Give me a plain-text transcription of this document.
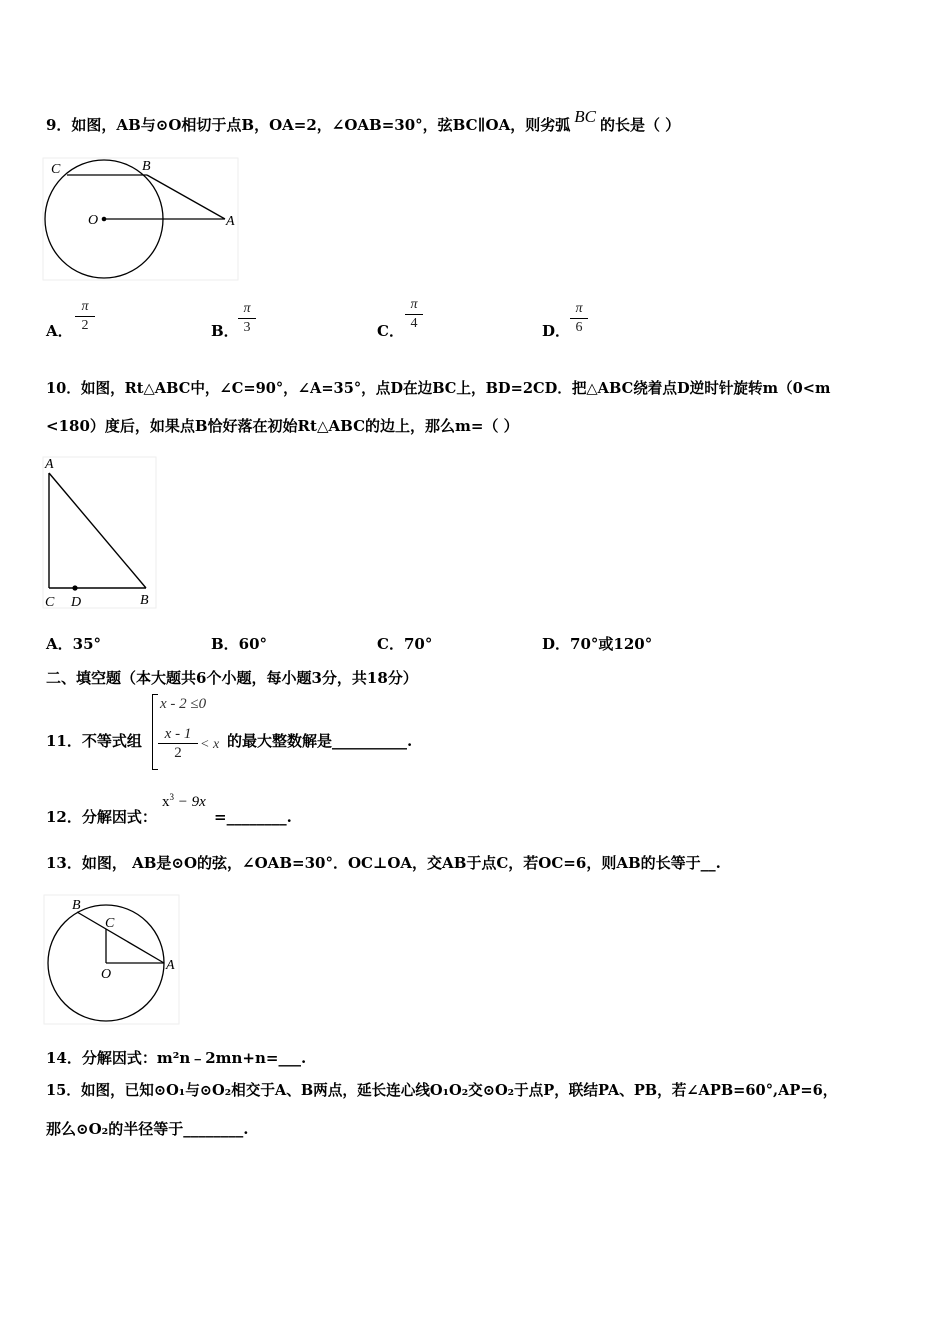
9．如图，AB与⊙O相切于点B，OA=2，∠OAB=30°，弦BC∥OA，则劣弧 BC 的长是（ ）
C	B
O	A
A．
π
2	B．
π
3	C．
π
4	D．
π
6
10．如图，Rt△ABC中，∠C=90°，∠A=35°，点D在边BC上，BD=2CD．把△ABC绕着点D逆时针旋转m（0<m
<180）度后，如果点B恰好落在初始Rt△ABC的边上，那么m=（ ）
A
C D	B
A．35°	B．60°	C．70°	D．70°或120°
二、填空题（本大题共6个小题，每小题3分，共18分）
11．不等式组
x - 2 ≤0
x - 1
2
< x 的最大整数解是__________.
12．分解因式：
$x^3 - 9x$
=________.
13．如图， AB是⊙O的弦，∠OAB=30°．OC⊥OA，交AB于点C，若OC=6，则AB的长等于__.
B
C
O
A
14．分解因式：m²n﹣2mn+n=___.
15．如图，已知⊙O₁与⊙O₂相交于A、B两点，延长连心线O₁O₂交⊙O₂于点P，联结PA、PB，若∠APB=60°,AP=6，
那么⊙O₂的半径等于________.
